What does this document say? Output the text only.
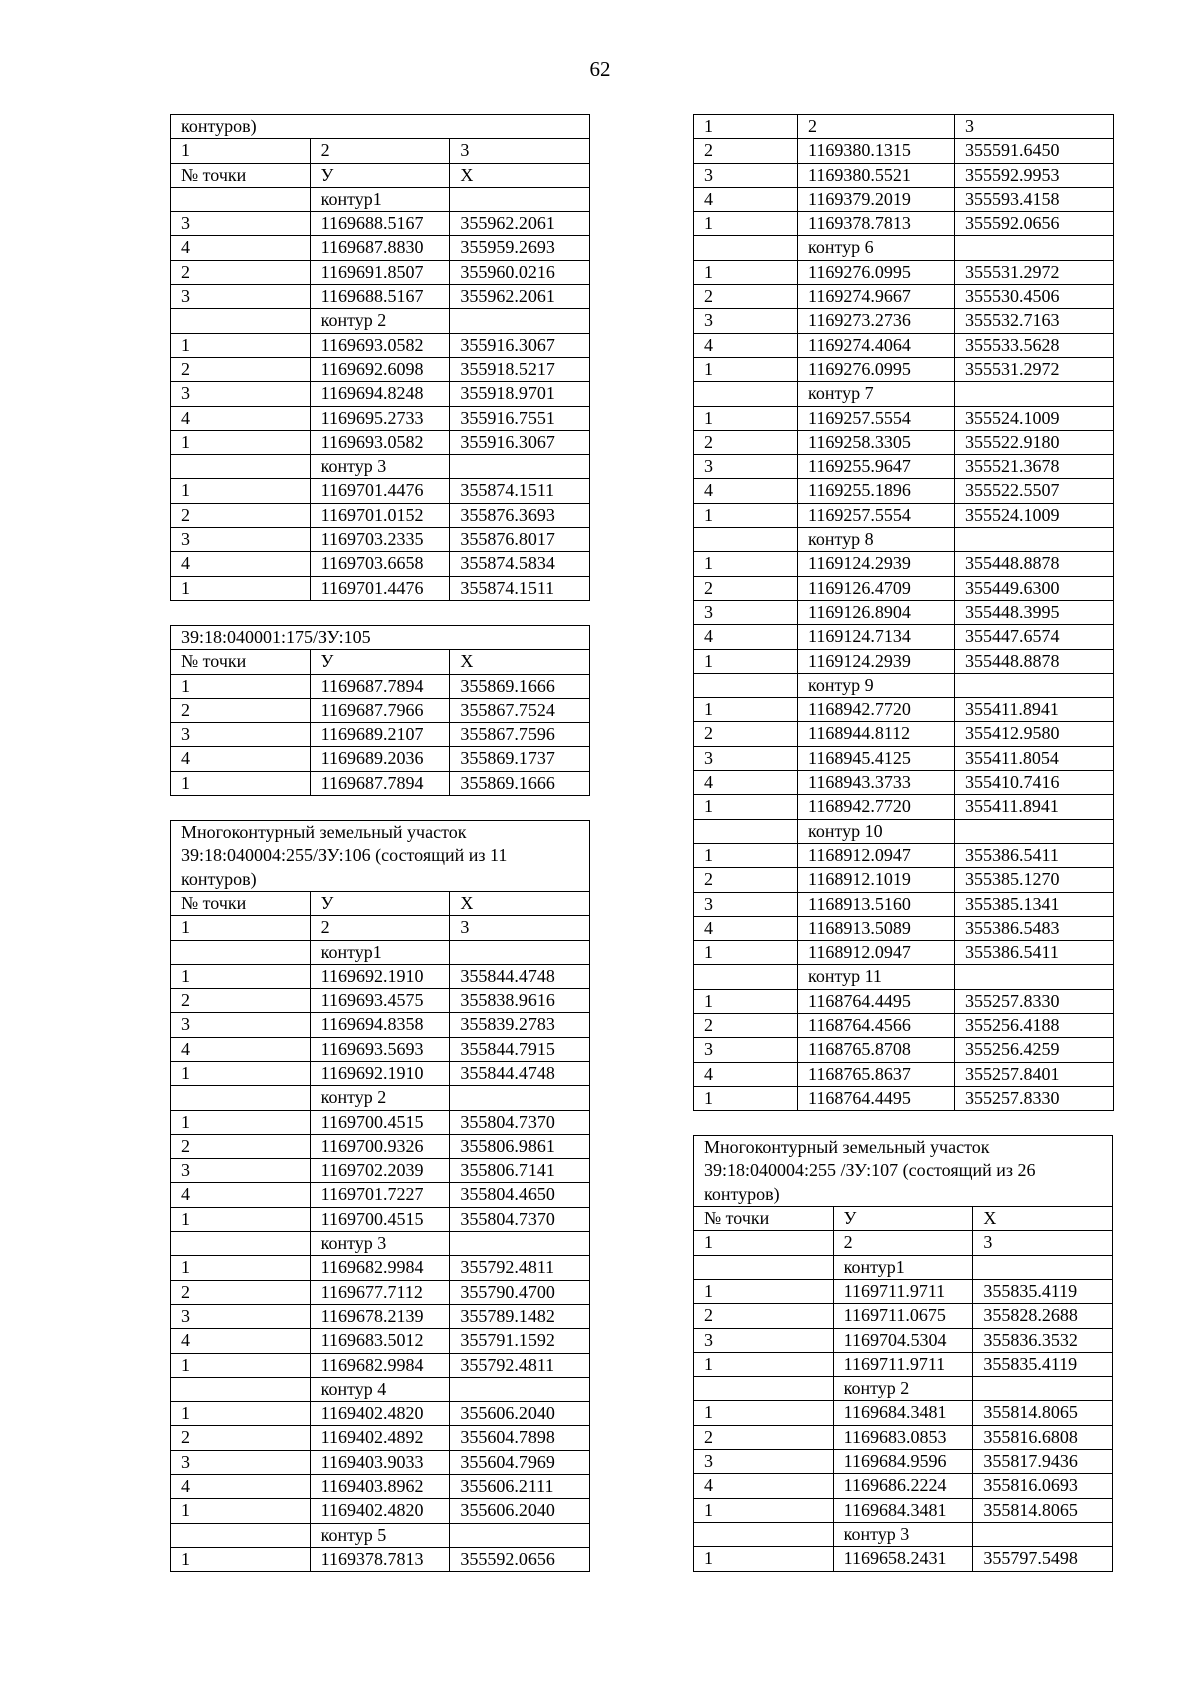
62
контуров)		
1	2	3
№ точки	У	Х
	контур1	
3	1169688.5167	355962.2061
4	1169687.8830	355959.2693
2	1169691.8507	355960.0216
3	1169688.5167	355962.2061
	контур 2	
1	1169693.0582	355916.3067
2	1169692.6098	355918.5217
3	1169694.8248	355918.9701
4	1169695.2733	355916.7551
1	1169693.0582	355916.3067
	контур 3	
1	1169701.4476	355874.1511
2	1169701.0152	355876.3693
3	1169703.2335	355876.8017
4	1169703.6658	355874.5834
1	1169701.4476	355874.1511
39:18:040001:175/ЗУ:105		
№ точки	У	Х
1	1169687.7894	355869.1666
2	1169687.7966	355867.7524
3	1169689.2107	355867.7596
4	1169689.2036	355869.1737
1	1169687.7894	355869.1666
Многоконтурный земельный участок 39:18:040004:255/ЗУ:106 (состоящий из 11 контуров)		
№ точки	У	Х
1	2	3
	контур1	
1	1169692.1910	355844.4748
2	1169693.4575	355838.9616
3	1169694.8358	355839.2783
4	1169693.5693	355844.7915
1	1169692.1910	355844.4748
	контур 2	
1	1169700.4515	355804.7370
2	1169700.9326	355806.9861
3	1169702.2039	355806.7141
4	1169701.7227	355804.4650
1	1169700.4515	355804.7370
	контур 3	
1	1169682.9984	355792.4811
2	1169677.7112	355790.4700
3	1169678.2139	355789.1482
4	1169683.5012	355791.1592
1	1169682.9984	355792.4811
	контур 4	
1	1169402.4820	355606.2040
2	1169402.4892	355604.7898
3	1169403.9033	355604.7969
4	1169403.8962	355606.2111
1	1169402.4820	355606.2040
	контур 5	
1	1169378.7813	355592.0656
1	2	3
2	1169380.1315	355591.6450
3	1169380.5521	355592.9953
4	1169379.2019	355593.4158
1	1169378.7813	355592.0656
	контур 6	
1	1169276.0995	355531.2972
2	1169274.9667	355530.4506
3	1169273.2736	355532.7163
4	1169274.4064	355533.5628
1	1169276.0995	355531.2972
	контур 7	
1	1169257.5554	355524.1009
2	1169258.3305	355522.9180
3	1169255.9647	355521.3678
4	1169255.1896	355522.5507
1	1169257.5554	355524.1009
	контур 8	
1	1169124.2939	355448.8878
2	1169126.4709	355449.6300
3	1169126.8904	355448.3995
4	1169124.7134	355447.6574
1	1169124.2939	355448.8878
	контур 9	
1	1168942.7720	355411.8941
2	1168944.8112	355412.9580
3	1168945.4125	355411.8054
4	1168943.3733	355410.7416
1	1168942.7720	355411.8941
	контур 10	
1	1168912.0947	355386.5411
2	1168912.1019	355385.1270
3	1168913.5160	355385.1341
4	1168913.5089	355386.5483
1	1168912.0947	355386.5411
	контур 11	
1	1168764.4495	355257.8330
2	1168764.4566	355256.4188
3	1168765.8708	355256.4259
4	1168765.8637	355257.8401
1	1168764.4495	355257.8330
Многоконтурный земельный участок 39:18:040004:255 /ЗУ:107 (состоящий из 26 контуров)		
№ точки	У	Х
1	2	3
	контур1	
1	1169711.9711	355835.4119
2	1169711.0675	355828.2688
3	1169704.5304	355836.3532
1	1169711.9711	355835.4119
	контур 2	
1	1169684.3481	355814.8065
2	1169683.0853	355816.6808
3	1169684.9596	355817.9436
4	1169686.2224	355816.0693
1	1169684.3481	355814.8065
	контур 3	
1	1169658.2431	355797.5498
